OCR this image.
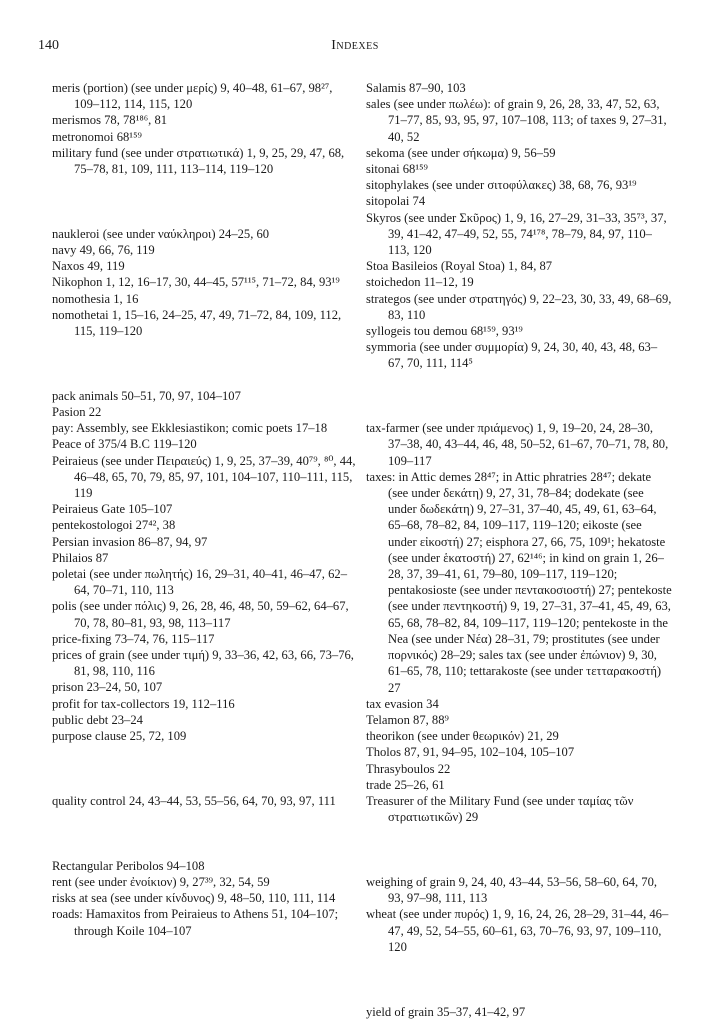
140	Indexes

meris (portion) (see under μερίς) 9, 40–48, 61–67, 98²⁷, 109–112, 114, 115, 120

merismos 78, 78¹⁸⁶, 81

metronomoi 68¹⁵⁹

military fund (see under στρατιωτικά) 1, 9, 25, 29, 47, 68, 75–78, 81, 109, 111, 113–114, 119–120

naukleroi (see under ναύκληροι) 24–25, 60

navy 49, 66, 76, 119

Naxos 49, 119

Nikophon 1, 12, 16–17, 30, 44–45, 57¹¹⁵, 71–72, 84, 93¹⁹

nomothesia 1, 16

nomothetai 1, 15–16, 24–25, 47, 49, 71–72, 84, 109, 112, 115, 119–120

pack animals 50–51, 70, 97, 104–107

Pasion 22

pay: Assembly, see Ekklesiastikon; comic poets 17–18

Peace of 375/4 B.C 119–120

Peiraieus (see under Πειραιεύς) 1, 9, 25, 37–39, 40⁷⁹, ⁸⁰, 44, 46–48, 65, 70, 79, 85, 97, 101, 104–107, 110–111, 115, 119

Peiraieus Gate 105–107

pentekostologoi 27⁴², 38

Persian invasion 86–87, 94, 97

Philaios 87

poletai (see under πωλητής) 16, 29–31, 40–41, 46–47, 62–64, 70–71, 110, 113

polis (see under πόλις) 9, 26, 28, 46, 48, 50, 59–62, 64–67, 70, 78, 80–81, 93, 98, 113–117

price-fixing 73–74, 76, 115–117

prices of grain (see under τιμή) 9, 33–36, 42, 63, 66, 73–76, 81, 98, 110, 116

prison 23–24, 50, 107

profit for tax-collectors 19, 112–116

public debt 23–24

purpose clause 25, 72, 109

quality control 24, 43–44, 53, 55–56, 64, 70, 93, 97, 111

Rectangular Peribolos 94–108

rent (see under ἐνοίκιον) 9, 27³⁹, 32, 54, 59

risks at sea (see under κίνδυνος) 9, 48–50, 110, 111, 114

roads: Hamaxitos from Peiraieus to Athens 51, 104–107; through Koile 104–107

Salamis 87–90, 103

sales (see under πωλέω): of grain 9, 26, 28, 33, 47, 52, 63, 71–77, 85, 93, 95, 97, 107–108, 113; of taxes 9, 27–31, 40, 52

sekoma (see under σήκωμα) 9, 56–59

sitonai 68¹⁵⁹

sitophylakes (see under σιτοφύλακες) 38, 68, 76, 93¹⁹

sitopolai 74

Skyros (see under Σκῦρος) 1, 9, 16, 27–29, 31–33, 35⁷³, 37, 39, 41–42, 47–49, 52, 55, 74¹⁷⁸, 78–79, 84, 97, 110–113, 120

Stoa Basileios (Royal Stoa) 1, 84, 87

stoichedon 11–12, 19

strategos (see under στρατηγός) 9, 22–23, 30, 33, 49, 68–69, 83, 110

syllogeis tou demou 68¹⁵⁹, 93¹⁹

symmoria (see under συμμορία) 9, 24, 30, 40, 43, 48, 63–67, 70, 111, 114⁵

tax-farmer (see under πριάμενος) 1, 9, 19–20, 24, 28–30, 37–38, 40, 43–44, 46, 48, 50–52, 61–67, 70–71, 78, 80, 109–117

taxes: in Attic demes 28⁴⁷; in Attic phratries 28⁴⁷; dekate (see under δεκάτη) 9, 27, 31, 78–84; dodekate (see under δωδεκάτη) 9, 27–31, 37–40, 45, 49, 61, 63–64, 65–68, 78–82, 84, 109–117, 119–120; eikoste (see under εἰκοστή) 27; eisphora 27, 66, 75, 109¹; hekatoste (see under ἑκατοστή) 27, 62¹⁴⁶; in kind on grain 1, 26–28, 37, 39–41, 61, 79–80, 109–117, 119–120; pentakosioste (see under πεντακοσιοστή) 27; pentekoste (see under πεντηκοστή) 9, 19, 27–31, 37–41, 45, 49, 63, 65, 68, 78–82, 84, 109–117, 119–120; pentekoste in the Nea (see under Νέα) 28–31, 79; prostitutes (see under πορνικός) 28–29; sales tax (see under ἐπώνιον) 9, 30, 61–65, 78, 110; tettarakoste (see under τετταρακοστή) 27

tax evasion 34

Telamon 87, 88⁹

theorikon (see under θεωρικόν) 21, 29

Tholos 87, 91, 94–95, 102–104, 105–107

Thrasyboulos 22

trade 25–26, 61

Treasurer of the Military Fund (see under ταμίας τῶν στρατιωτικῶν) 29

weighing of grain 9, 24, 40, 43–44, 53–56, 58–60, 64, 70, 93, 97–98, 111, 113

wheat (see under πυρός) 1, 9, 16, 24, 26, 28–29, 31–44, 46–47, 49, 52, 54–55, 60–61, 63, 70–76, 93, 97, 109–110, 120

yield of grain 35–37, 41–42, 97
